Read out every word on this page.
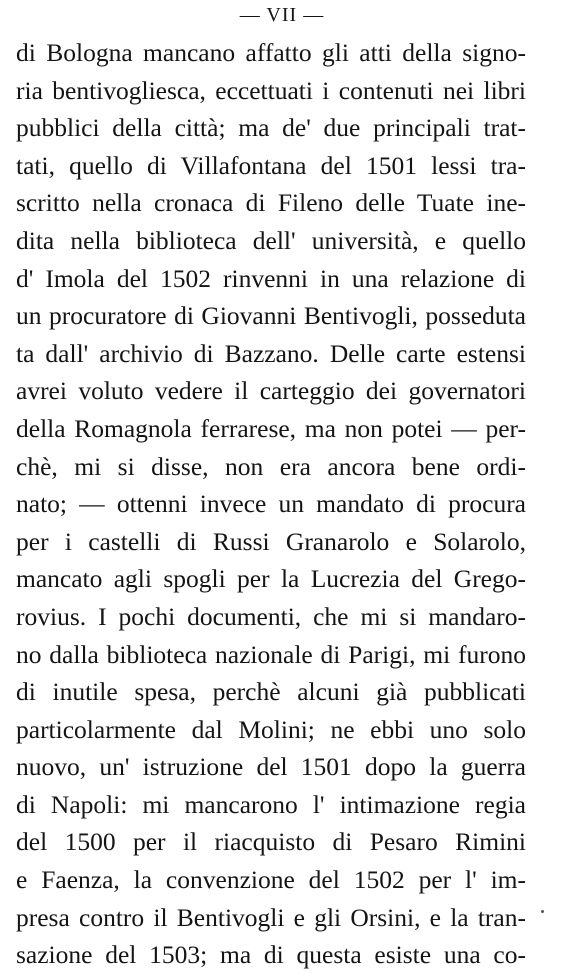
— VII —
di Bologna mancano affatto gli atti della signo-
ria bentivogliesca, eccettuati i contenuti nei libri
pubblici della città; ma de' due principali trat-
tati, quello di Villafontana del 1501 lessi tra-
scritto nella cronaca di Fileno delle Tuate ine-
dita nella biblioteca dell' università, e quello
d' Imola del 1502 rinvenni in una relazione di
un procuratore di Giovanni Bentivogli, posseduta
ta dall' archivio di Bazzano. Delle carte estensi
avrei voluto vedere il carteggio dei governatori
della Romagnola ferrarese, ma non potei — per-
chè, mi si disse, non era ancora bene ordi-
nato; — ottenni invece un mandato di procura
per i castelli di Russi Granarolo e Solarolo,
mancato agli spogli per la Lucrezia del Grego-
rovius. I pochi documenti, che mi si mandaro-
no dalla biblioteca nazionale di Parigi, mi furono
di inutile spesa, perchè alcuni già pubblicati
particolarmente dal Molini; ne ebbi uno solo
nuovo, un' istruzione del 1501 dopo la guerra
di Napoli: mi mancarono l' intimazione regia
del 1500 per il riacquisto di Pesaro Rimini
e Faenza, la convenzione del 1502 per l' im-
presa contro il Bentivogli e gli Orsini, e la tran-
sazione del 1503; ma di questa esiste una co-
